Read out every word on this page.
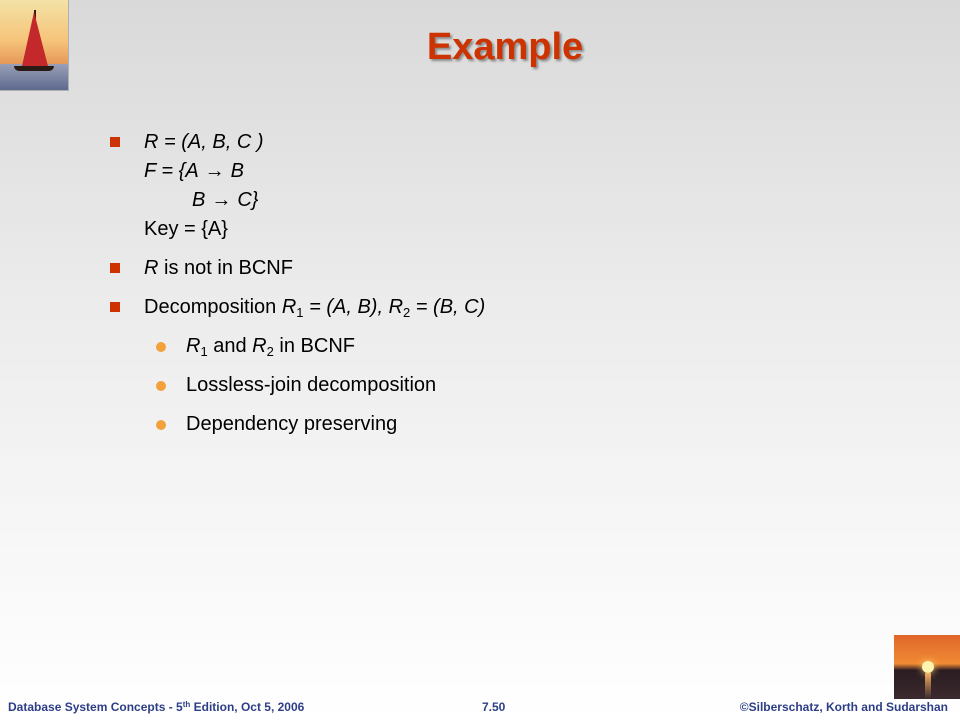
Example
R = (A, B, C )
F = {A → B
B → C}
Key = {A}
R is not in BCNF
Decomposition $R_1 = (A$, B), $R_2 = (B$, C)
$R_1$ and $R_2$ in BCNF
Lossless-join decomposition
Dependency preserving
Database System Concepts - 5th Edition, Oct 5, 2006	7.50	©Silberschatz, Korth and Sudarshan
